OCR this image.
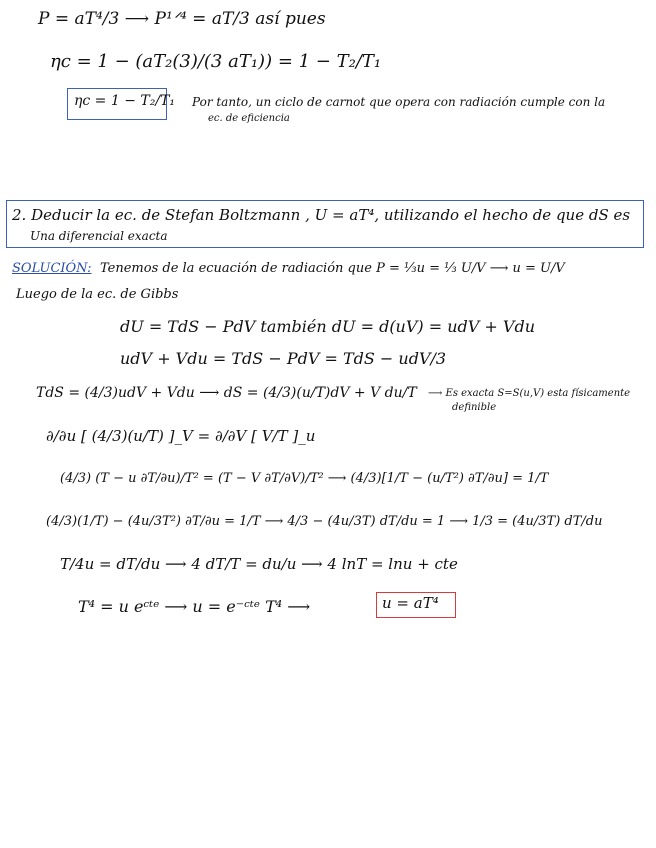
P = aT⁴/3 ⟶ P¹ᐟ⁴ = aT/3 así pues
ηc = 1 − (aT₂(3)/(3 aT₁)) = 1 − T₂/T₁
ηc = 1 − T₂/T₁ Por tanto, un ciclo de carnot que opera con radiación cumple con la
ec. de eficiencia
2. Deducir la ec. de Stefan Boltzmann , U = aT⁴, utilizando el hecho de que dS es
Una diferencial exacta
SOLUCIÓN: Tenemos de la ecuación de radiación que P = ⅓u = ⅓ U/V ⟶ u = U/V
Luego de la ec. de Gibbs
dU = TdS − PdV también dU = d(uV) = udV + Vdu
udV + Vdu = TdS − PdV = TdS − udV/3
TdS = (4/3)udV + Vdu ⟶ dS = (4/3)(u/T)dV + V du/T ⟶ Es exacta S=S(u,V) esta físicamente
definible
∂/∂u [ (4/3)(u/T) ]_V = ∂/∂V [ V/T ]_u
(4/3) (T − u ∂T/∂u)/T² = (T − V ∂T/∂V)/T² ⟶ (4/3)[1/T − (u/T²) ∂T/∂u] = 1/T
(4/3)(1/T) − (4u/3T²) ∂T/∂u = 1/T ⟶ 4/3 − (4u/3T) dT/du = 1 ⟶ 1/3 = (4u/3T) dT/du
T/4u = dT/du ⟶ 4 dT/T = du/u ⟶ 4 lnT = lnu + cte
T⁴ = u eᶜᵗᵉ ⟶ u = e⁻ᶜᵗᵉ T⁴ ⟶	u = aT⁴
